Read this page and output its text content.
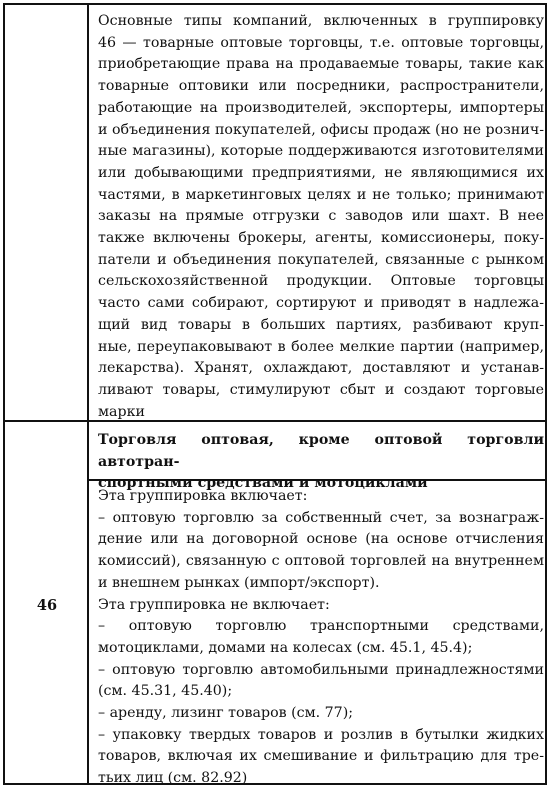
Основные типы компаний, включенных в группировку
46 — товарные оптовые торговцы, т.е. оптовые торговцы,
приобретающие права на продаваемые товары, такие как
товарные оптовики или посредники, распространители,
работающие на производителей, экспортеры, импортеры
и объединения покупателей, офисы продаж (но не рознич-
ные магазины), которые поддерживаются изготовителями
или добывающими предприятиями, не являющимися их
частями, в маркетинговых целях и не только; принимают
заказы на прямые отгрузки с заводов или шахт. В нее
также включены брокеры, агенты, комиссионеры, поку-
патели и объединения покупателей, связанные с рынком
сельскохозяйственной продукции. Оптовые торговцы
часто сами собирают, сортируют и приводят в надлежа-
щий вид товары в больших партиях, разбивают круп-
ные, переупаковывают в более мелкие партии (например,
лекарства). Хранят, охлаждают, доставляют и устанав-
ливают товары, стимулируют сбыт и создают торговые
марки
Торговля оптовая, кроме оптовой торговли автотран-
спортными средствами и мотоциклами
46
Эта группировка включает:
– оптовую торговлю за собственный счет, за вознаграж-
дение или на договорной основе (на основе отчисления
комиссий), связанную с оптовой торговлей на внутреннем
и внешнем рынках (импорт/экспорт).
Эта группировка не включает:
– оптовую торговлю транспортными средствами,
мотоциклами, домами на колесах (см. 45.1, 45.4);
– оптовую торговлю автомобильными принадлежностями
(см. 45.31, 45.40);
– аренду, лизинг товаров (см. 77);
– упаковку твердых товаров и розлив в бутылки жидких
товаров, включая их смешивание и фильтрацию для тре-
тьих лиц (см. 82.92)
